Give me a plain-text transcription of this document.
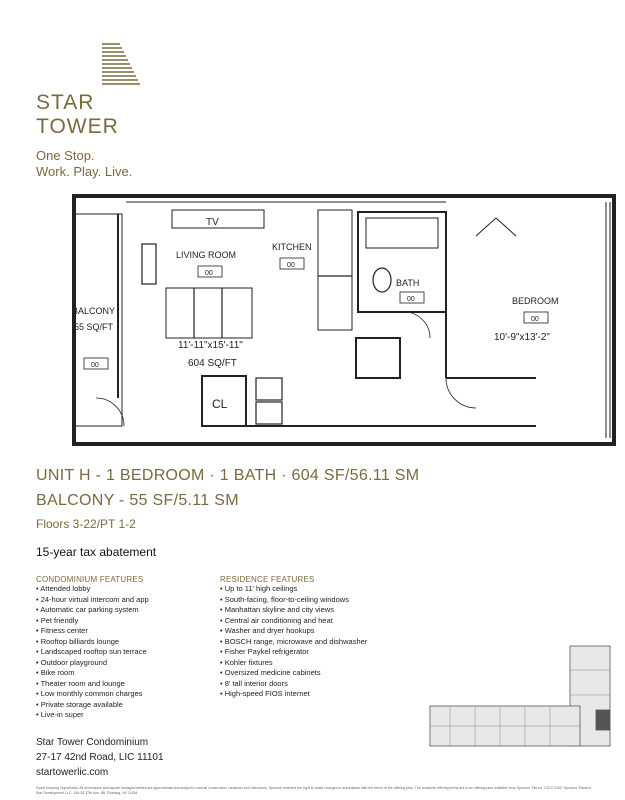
STAR
TOWER
One Stop.
Work. Play. Live.
TV
LIVING ROOM
00
11'-11"x15'-11"
604 SQ/FT
KITCHEN
00
BATH
00	BEDROOM
00
10'-9"x13'-2"
BALCONY
55 SQ/FT
00
CL
UNIT H - 1 BEDROOM · 1 BATH · 604 SF/56.11 SM
BALCONY - 55 SF/5.11 SM
Floors 3-22/PT 1-2
15-year tax abatement
CONDOMINIUM FEATURES
• Attended lobby
• 24-hour virtual intercom and app
• Automatic car parking system
• Pet friendly
• Fitness center
• Rooftop billiards lounge
• Landscaped rooftop sun terrace
• Outdoor playground
• Bike room
• Theater room and lounge
• Low monthly common charges
• Private storage available
• Live-in super
RESIDENCE FEATURES
• Up to 11' high ceilings
• South-facing, floor-to-ceiling windows
• Manhattan skyline and city views
• Central air conditioning and heat
• Washer and dryer hookups
• BOSCH range, microwave and dishwasher
• Fisher Paykel refrigerator
• Kohler fixtures
• Oversized medicine cabinets
• 8' tall interior doors
• High-speed FIOS internet
Star Tower Condominium
27-17 42nd Road, LIC 11101
startowerlic.com
Equal Housing Opportunity. All dimensions and square footages/meters are approximate and subject to normal construction variances and tolerances. Sponsor reserves the right to make changes in accordance with the terms of the offering plan. The complete offering terms are in an offering plan available from Sponsor. File no. CD17-0102. Sponsor: Eastern Star Development LLC, 136-33 37th Ave, 6B, Flushing, NY 11354.
